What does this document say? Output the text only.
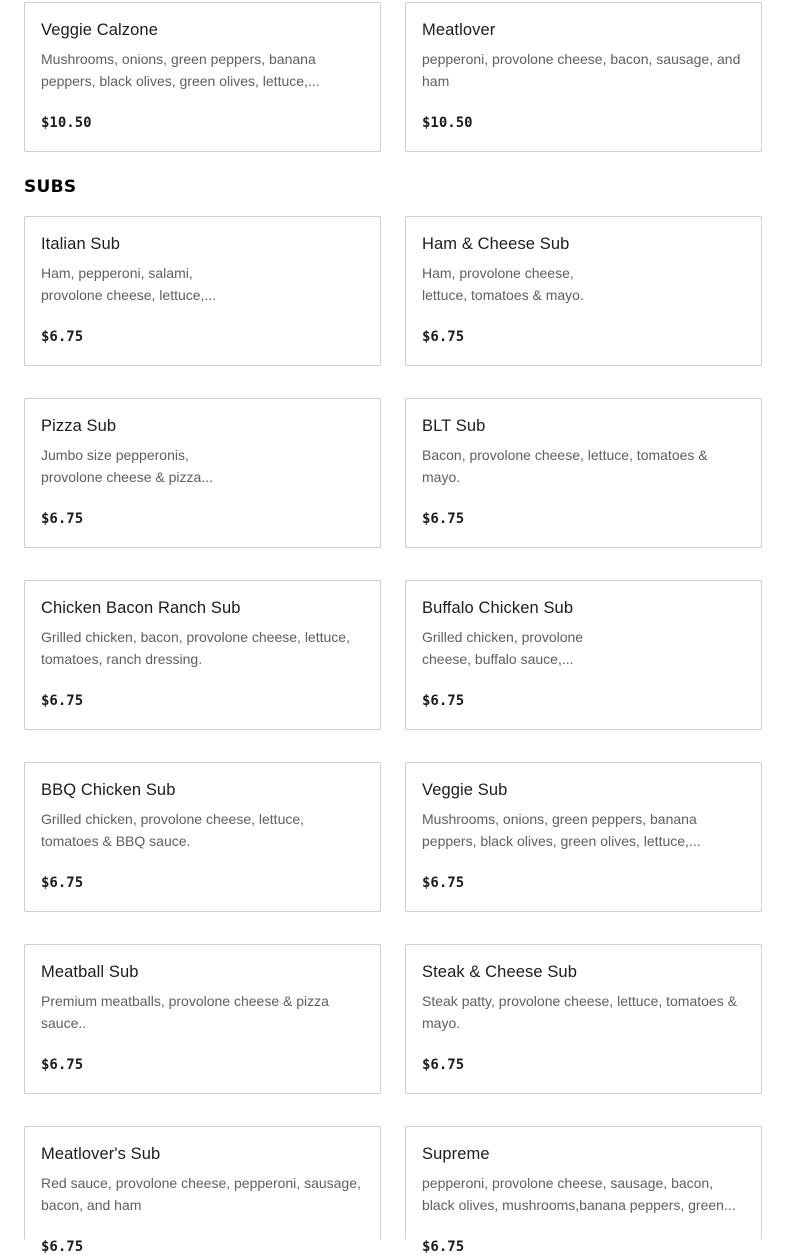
Veggie Calzone
Mushrooms, onions, green peppers, banana peppers, black olives, green olives, lettuce,...
$10.50
Meatlover
pepperoni, provolone cheese, bacon, sausage, and ham
$10.50
SUBS
Italian Sub
Ham, pepperoni, salami, provolone cheese, lettuce,...
$6.75
Ham & Cheese Sub
Ham, provolone cheese, lettuce, tomatoes & mayo.
$6.75
Pizza Sub
Jumbo size pepperonis, provolone cheese & pizza...
$6.75
BLT Sub
Bacon, provolone cheese, lettuce, tomatoes & mayo.
$6.75
Chicken Bacon Ranch Sub
Grilled chicken, bacon, provolone cheese, lettuce, tomatoes, ranch dressing.
$6.75
Buffalo Chicken Sub
Grilled chicken, provolone cheese, buffalo sauce,...
$6.75
BBQ Chicken Sub
Grilled chicken, provolone cheese, lettuce, tomatoes & BBQ sauce.
$6.75
Veggie Sub
Mushrooms, onions, green peppers, banana peppers, black olives, green olives, lettuce,...
$6.75
Meatball Sub
Premium meatballs, provolone cheese & pizza sauce..
$6.75
Steak & Cheese Sub
Steak patty, provolone cheese, lettuce, tomatoes & mayo.
$6.75
Meatlover's Sub
Red sauce, provolone cheese, pepperoni, sausage, bacon, and ham
$6.75
Supreme
pepperoni, provolone cheese, sausage, bacon, black olives, mushrooms,banana peppers, green...
$6.75
